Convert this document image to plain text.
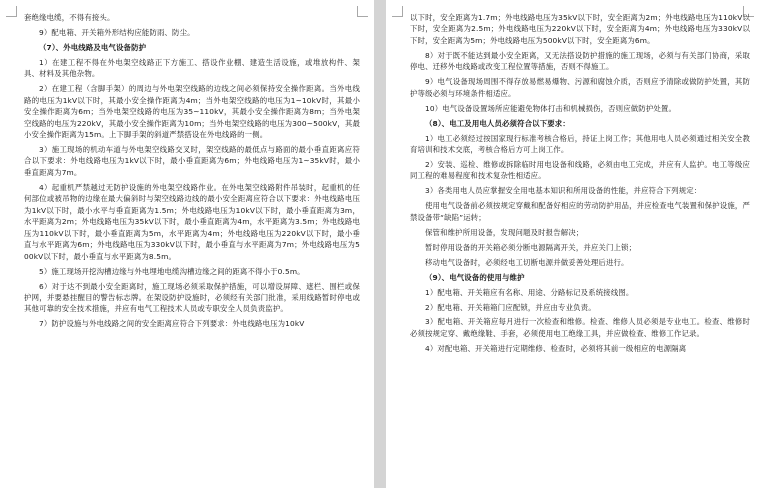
套绝缘电缆，不得有接头。

9）配电箱、开关箱外形结构应能防雨、防尘。

（7）、外电线路及电气设备防护

1）在建工程不得在外电架空线路正下方施工、搭设作业棚、建造生活设施，或堆放构件、架具、材料及其他杂物。

2）在建工程（含脚手架）的周边与外电架空线路的边线之间必须保持安全操作距离。当外电线路的电压为1kV以下时，其最小安全操作距离为4m；当外电架空线路的电压为1~10kV时，其最小安全操作距离为6m；当外电架空线路的电压为35~110kV，其最小安全操作距离为8m；当外电架空线路的电压为220kV，其最小安全操作距离为10m；当外电架空线路的电压为300~500kV，其最小安全操作距离为15m。上下脚手架的斜道严禁搭设在外电线路的一侧。

3）施工现场的机动车道与外电架空线路交叉时，架空线路的最低点与路面的最小垂直距离应符合以下要求：外电线路电压为1kV以下时，最小垂直距离为6m；外电线路电压为1~35kV时，最小垂直距离为7m。

4）起重机严禁越过无防护设施的外电架空线路作业。在外电架空线路附件吊装时，起重机的任何部位或被吊物的边缘在最大偏斜时与架空线路边线的最小安全距离应符合以下要求：外电线路电压为1kV以下时，最小水平与垂直距离为1.5m；外电线路电压为10kV以下时，最小垂直距离为3m，水平距离为2m；外电线路电压为35kV以下时，最小垂直距离为4m，水平距离为3.5m；外电线路电压为110kV以下时，最小垂直距离为5m，水平距离为4m；外电线路电压为220kV以下时，最小垂直与水平距离为6m；外电线路电压为330kV以下时，最小垂直与水平距离为7m；外电线路电压为500kV以下时，最小垂直与水平距离为8.5m。

5）施工现场开挖沟槽边缘与外电埋地电缆沟槽边缘之间的距离不得小于0.5m。

6）对于达不到最小安全距离时，施工现场必须采取保护措施，可以增设屏障、遮栏、围栏或保护网，并要悬挂醒目的警告标志牌。在架设防护设施时，必须经有关部门批准，采用线路暂时停电或其他可靠的安全技术措施，并应有电气工程技术人员或专职安全人员负责监护。

7）防护设施与外电线路之间的安全距离应符合下列要求：外电线路电压为10kV

以下时，安全距离为1.7m；外电线路电压为35kV以下时，安全距离为2m；外电线路电压为110kV以下时，安全距离为2.5m；外电线路电压为220kV以下时，安全距离为4m；外电线路电压为330kV以下时，安全距离为5m；外电线路电压为500kV以下时，安全距离为6m。

8）对于既不能达到最小安全距离，又无法搭设防护措施的施工现场，必须与有关部门协商，采取停电、迁移外电线路或改变工程位置等措施，否则不得施工。

9）电气设备现场周围不得存放易燃易爆物、污源和腐蚀介质，否则应予清除或做防护处置，其防护等级必须与环境条件相适应。

10）电气设备设置场所应能避免物体打击和机械损伤，否则应做防护处置。

（8）、电工及用电人员必须符合以下要求：

1）电工必须经过按国家现行标准考核合格后，持证上岗工作；其他用电人员必须通过相关安全教育培训和技术交底，考核合格后方可上岗工作。

2）安装、巡检、维修或拆除临时用电设备和线路，必须由电工完成，并应有人监护。电工等级应同工程的难易程度和技术复杂性相适应。

3）各类用电人员应掌握安全用电基本知识和所用设备的性能，并应符合下列规定：

使用电气设备前必须按规定穿戴和配备好相应的劳动防护用品，并应检查电气装置和保护设施，严禁设备带“缺陷”运转；

保管和维护所用设备，发现问题及时报告解决；

暂时停用设备的开关箱必须分断电源隔离开关，并应关门上锁；

移动电气设备时，必须经电工切断电源并做妥善处理后进行。

（9）、电气设备的使用与维护

1）配电箱、开关箱应有名称、用途、分路标记及系统接线图。

2）配电箱、开关箱箱门应配锁，并应由专业负责。

3）配电箱、开关箱应每月进行一次检查和维修。检查、维修人员必须是专业电工。检查、维修时必须按规定穿、戴绝缘鞋、手套，必须使用电工绝缘工具，并应做检查、维修工作记录。

4）对配电箱、开关箱进行定期维修、检查时，必须将其前一级相应的电源隔离
